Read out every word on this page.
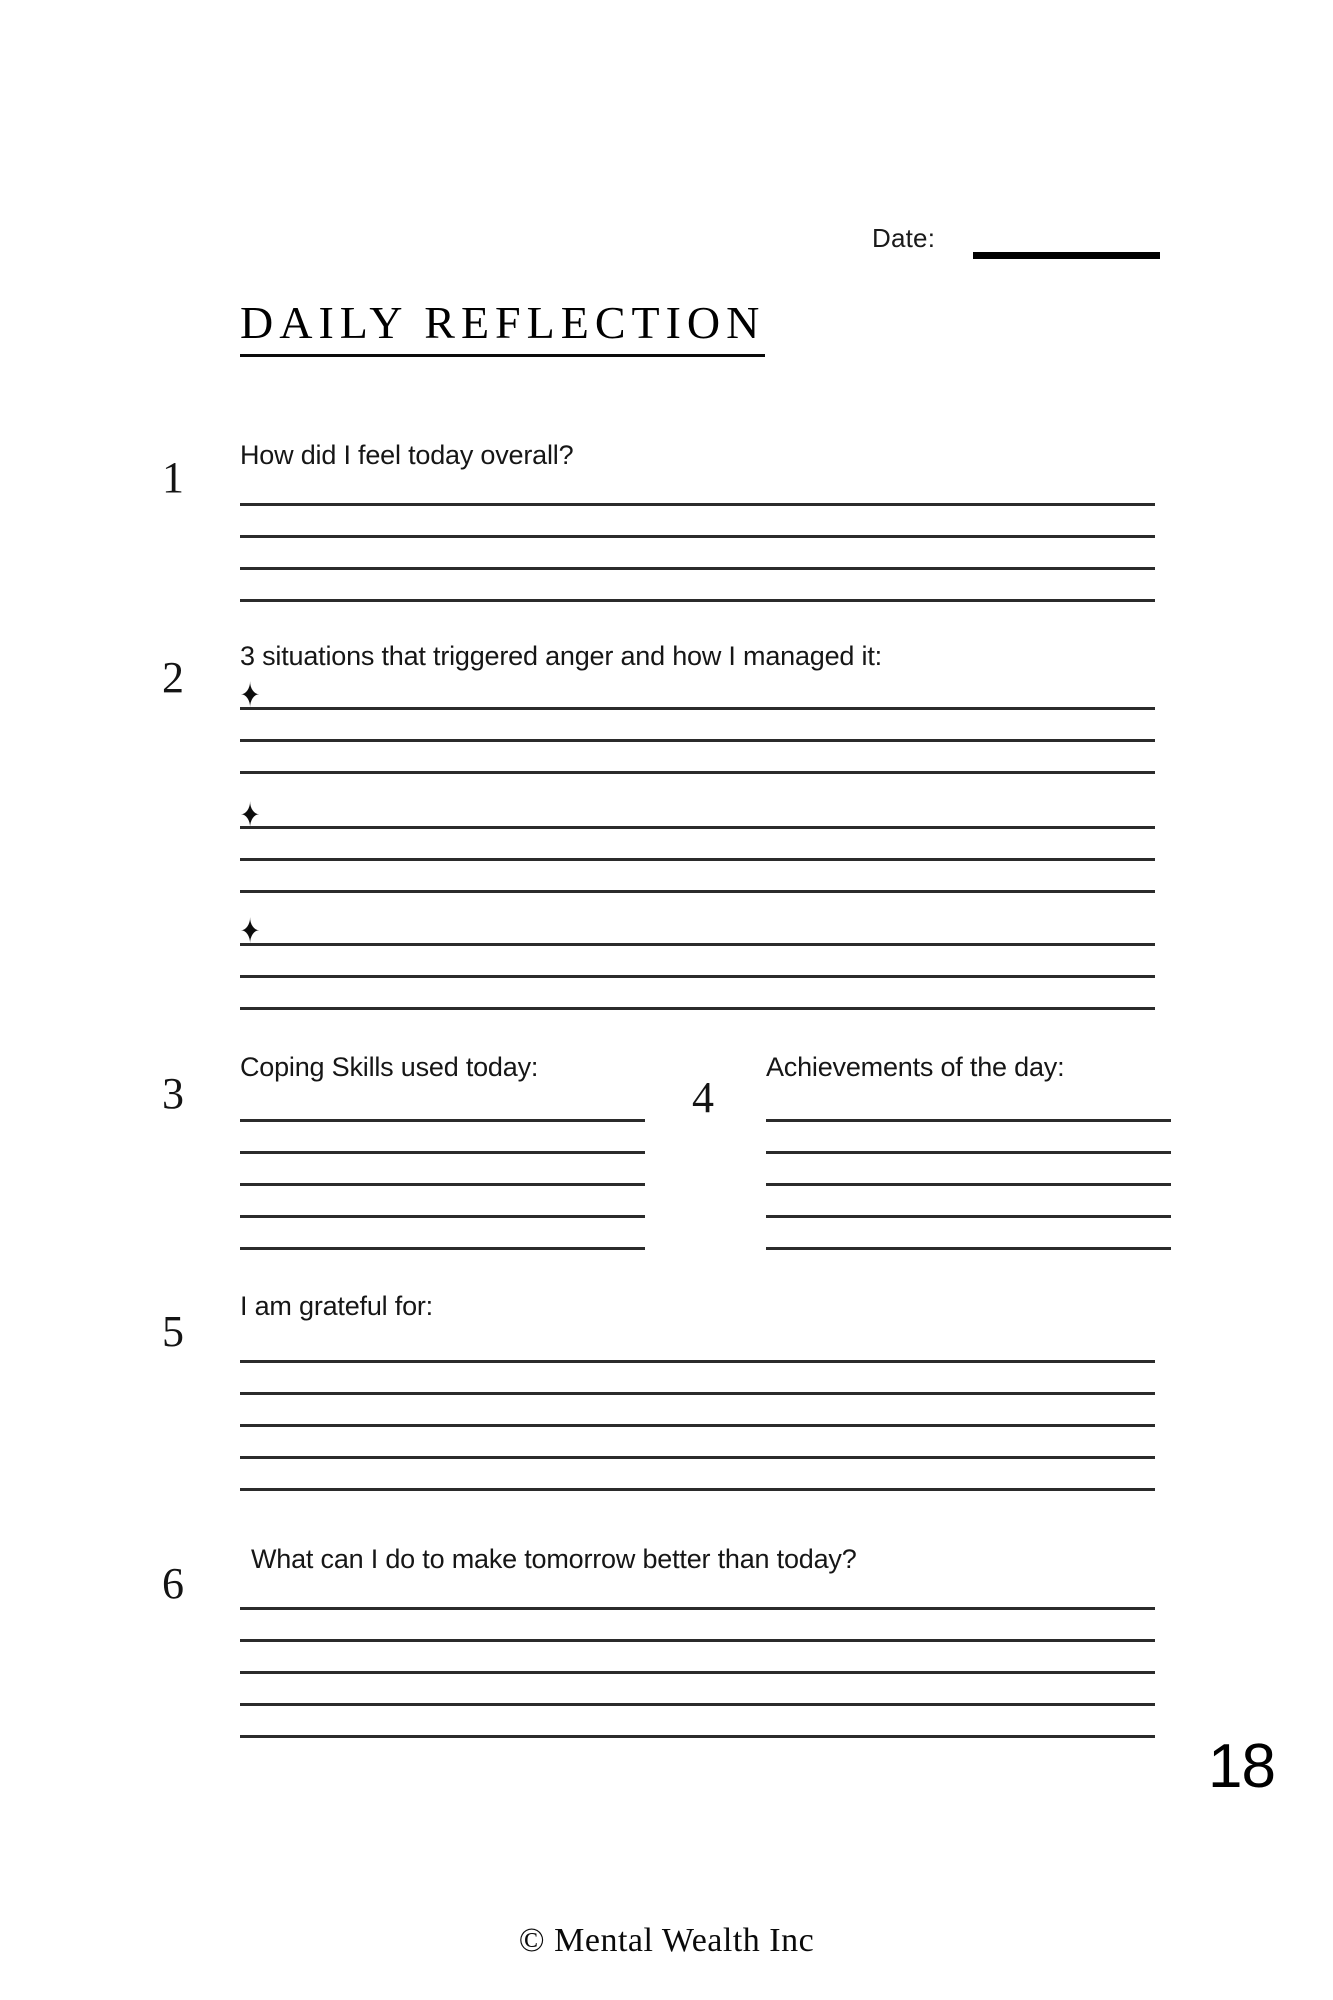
Date:
DAILY REFLECTION
1	How did I feel today overall?
2	3 situations that triggered anger and how I managed it:
✦
✦
✦
3
Coping Skills used today:
4
Achievements of the day:
5
I am grateful for:
6	What can I do to make tomorrow better than today?
18
© Mental Wealth Inc
